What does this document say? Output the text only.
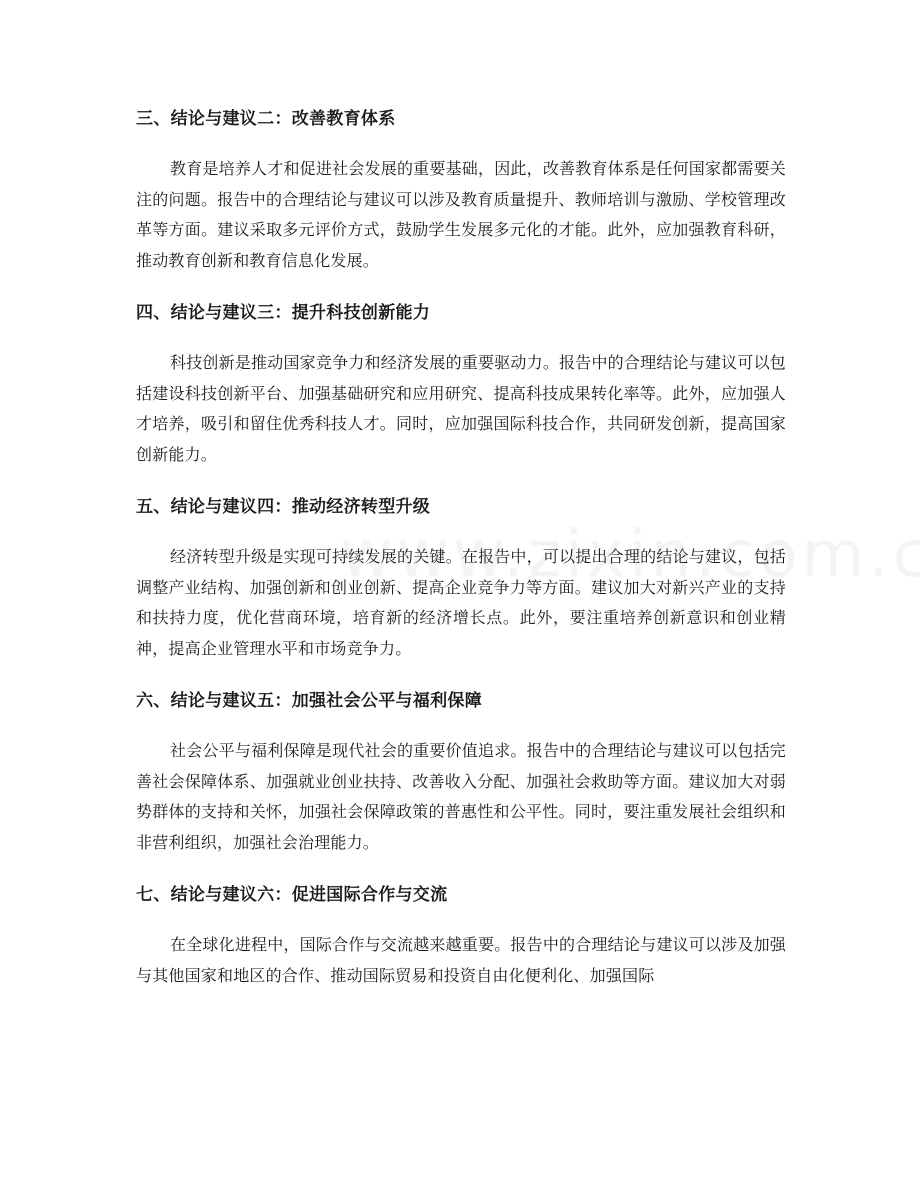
三、结论与建议二：改善教育体系

教育是培养人才和促进社会发展的重要基础，因此，改善教育体系是任何国家都需要关注的问题。报告中的合理结论与建议可以涉及教育质量提升、教师培训与激励、学校管理改革等方面。建议采取多元评价方式，鼓励学生发展多元化的才能。此外，应加强教育科研，推动教育创新和教育信息化发展。

四、结论与建议三：提升科技创新能力

科技创新是推动国家竞争力和经济发展的重要驱动力。报告中的合理结论与建议可以包括建设科技创新平台、加强基础研究和应用研究、提高科技成果转化率等。此外，应加强人才培养，吸引和留住优秀科技人才。同时，应加强国际科技合作，共同研发创新，提高国家创新能力。

五、结论与建议四：推动经济转型升级

经济转型升级是实现可持续发展的关键。在报告中，可以提出合理的结论与建议，包括调整产业结构、加强创新和创业创新、提高企业竞争力等方面。建议加大对新兴产业的支持和扶持力度，优化营商环境，培育新的经济增长点。此外，要注重培养创新意识和创业精神，提高企业管理水平和市场竞争力。

六、结论与建议五：加强社会公平与福利保障

社会公平与福利保障是现代社会的重要价值追求。报告中的合理结论与建议可以包括完善社会保障体系、加强就业创业扶持、改善收入分配、加强社会救助等方面。建议加大对弱势群体的支持和关怀，加强社会保障政策的普惠性和公平性。同时，要注重发展社会组织和非营利组织，加强社会治理能力。

七、结论与建议六：促进国际合作与交流

在全球化进程中，国际合作与交流越来越重要。报告中的合理结论与建议可以涉及加强与其他国家和地区的合作、推动国际贸易和投资自由化便利化、加强国际
